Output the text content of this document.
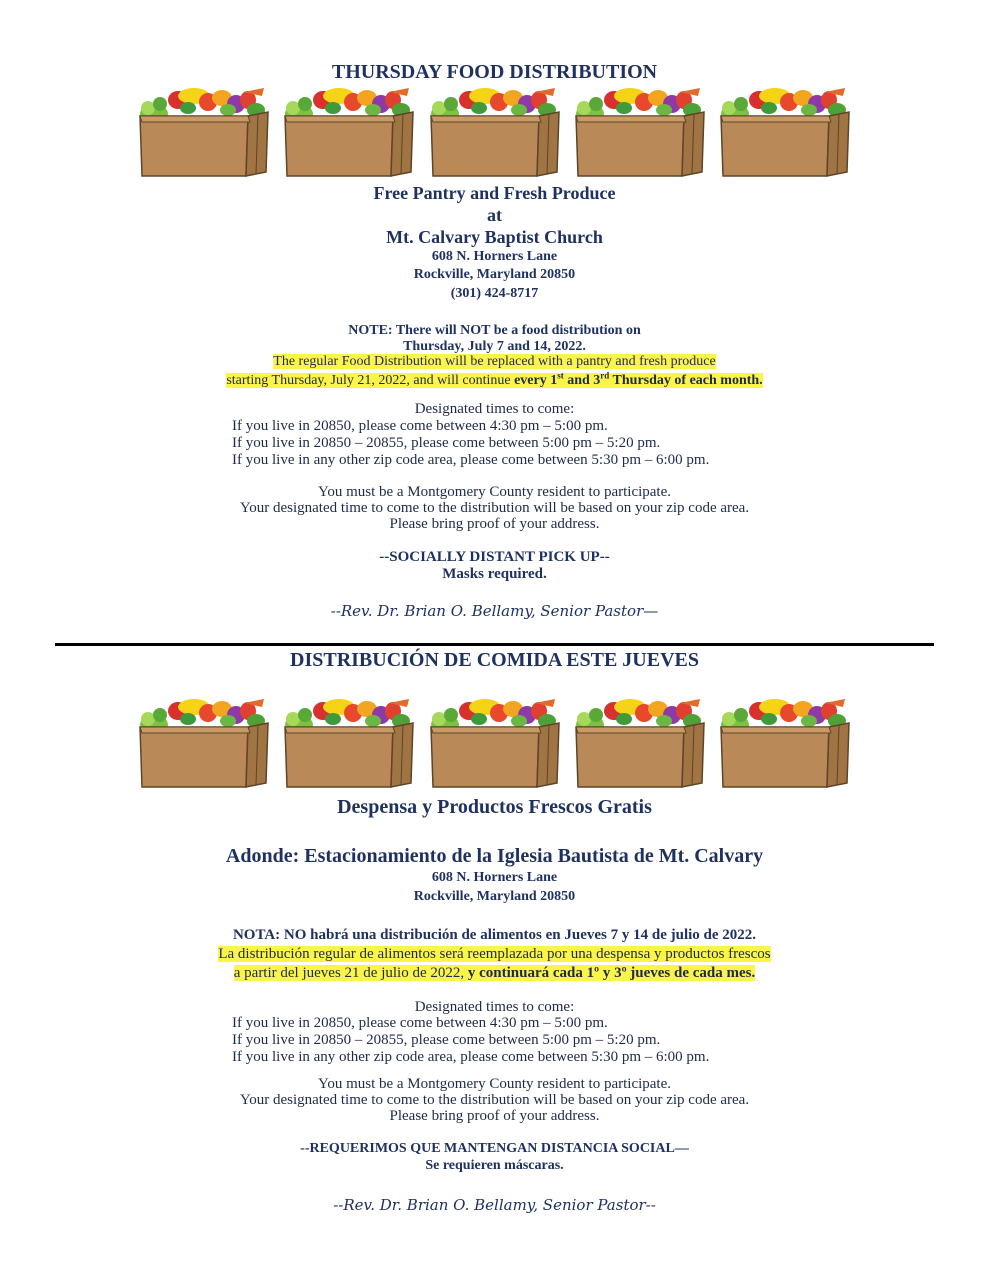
THURSDAY FOOD DISTRIBUTION
Free Pantry and Fresh Produce
at
Mt. Calvary Baptist Church
608 N. Horners Lane
Rockville, Maryland 20850
(301) 424-8717
NOTE: There will NOT be a food distribution on
Thursday, July 7 and 14, 2022.
The regular Food Distribution will be replaced with a pantry and fresh produce
starting Thursday, July 21, 2022, and will continue every 1st and 3rd Thursday of each month.
Designated times to come:
If you live in 20850, please come between 4:30 pm – 5:00 pm.
If you live in 20850 – 20855, please come between 5:00 pm – 5:20 pm.
If you live in any other zip code area, please come between 5:30 pm – 6:00 pm.
You must be a Montgomery County resident to participate.
Your designated time to come to the distribution will be based on your zip code area.
Please bring proof of your address.
--SOCIALLY DISTANT PICK UP--
Masks required.
--Rev. Dr. Brian O. Bellamy, Senior Pastor—
DISTRIBUCIÓN DE COMIDA ESTE JUEVES
Despensa y Productos Frescos Gratis
Adonde: Estacionamiento de la Iglesia Bautista de Mt. Calvary
608 N. Horners Lane
Rockville, Maryland 20850
NOTA: NO habrá una distribución de alimentos en Jueves 7 y 14 de julio de 2022.
La distribución regular de alimentos será reemplazada por una despensa y productos frescos
a partir del jueves 21 de julio de 2022, y continuará cada 1º y 3º jueves de cada mes.
Designated times to come:
If you live in 20850, please come between 4:30 pm – 5:00 pm.
If you live in 20850 – 20855, please come between 5:00 pm – 5:20 pm.
If you live in any other zip code area, please come between 5:30 pm – 6:00 pm.
You must be a Montgomery County resident to participate.
Your designated time to come to the distribution will be based on your zip code area.
Please bring proof of your address.
--REQUERIMOS QUE MANTENGAN DISTANCIA SOCIAL—
Se requieren máscaras.
--Rev. Dr. Brian O. Bellamy, Senior Pastor--
